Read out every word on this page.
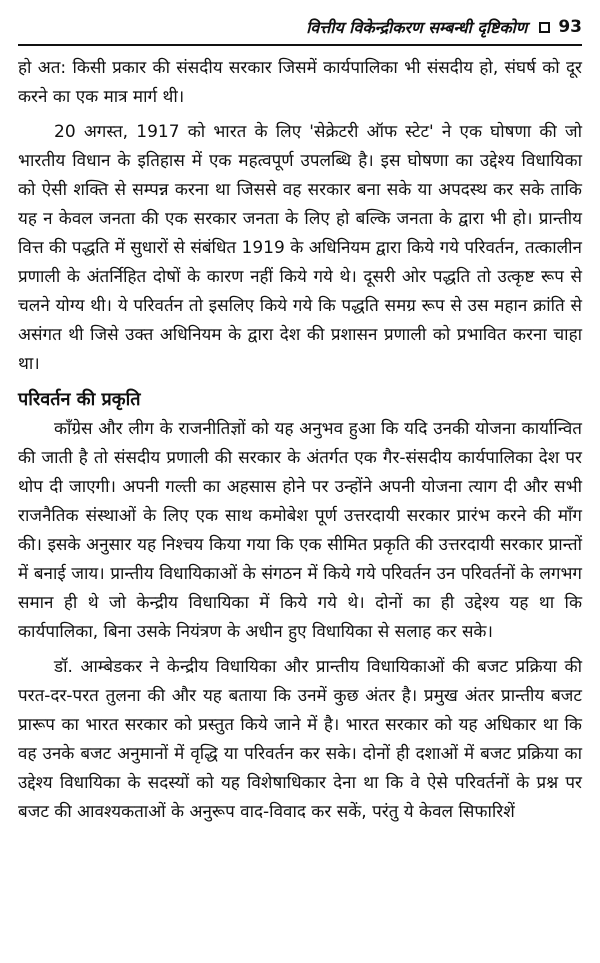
वित्तीय विकेन्द्रीकरण सम्बन्धी दृष्टिकोण 93

हो अत: किसी प्रकार की संसदीय सरकार जिसमें कार्यपालिका भी संसदीय हो, संघर्ष को दूर करने का एक मात्र मार्ग थी।

20 अगस्त, 1917 को भारत के लिए 'सेक्रेटरी ऑफ स्टेट' ने एक घोषणा की जो भारतीय विधान के इतिहास में एक महत्वपूर्ण उपलब्धि है। इस घोषणा का उद्देश्य विधायिका को ऐसी शक्ति से सम्पन्न करना था जिससे वह सरकार बना सके या अपदस्थ कर सके ताकि यह न केवल जनता की एक सरकार जनता के लिए हो बल्कि जनता के द्वारा भी हो। प्रान्तीय वित्त की पद्धति में सुधारों से संबंधित 1919 के अधिनियम द्वारा किये गये परिवर्तन, तत्कालीन प्रणाली के अंतर्निहित दोषों के कारण नहीं किये गये थे। दूसरी ओर पद्धति तो उत्कृष्ट रूप से चलने योग्य थी। ये परिवर्तन तो इसलिए किये गये कि पद्धति समग्र रूप से उस महान क्रांति से असंगत थी जिसे उक्त अधिनियम के द्वारा देश की प्रशासन प्रणाली को प्रभावित करना चाहा था।

परिवर्तन की प्रकृति

कॉंग्रेस और लीग के राजनीतिज्ञों को यह अनुभव हुआ कि यदि उनकी योजना कार्यान्वित की जाती है तो संसदीय प्रणाली की सरकार के अंतर्गत एक गैर-संसदीय कार्यपालिका देश पर थोप दी जाएगी। अपनी गल्ती का अहसास होने पर उन्होंने अपनी योजना त्याग दी और सभी राजनैतिक संस्थाओं के लिए एक साथ कमोबेश पूर्ण उत्तरदायी सरकार प्रारंभ करने की माँग की। इसके अनुसार यह निश्चय किया गया कि एक सीमित प्रकृति की उत्तरदायी सरकार प्रान्तों में बनाई जाय। प्रान्तीय विधायिकाओं के संगठन में किये गये परिवर्तन उन परिवर्तनों के लगभग समान ही थे जो केन्द्रीय विधायिका में किये गये थे। दोनों का ही उद्देश्य यह था कि कार्यपालिका, बिना उसके नियंत्रण के अधीन हुए विधायिका से सलाह कर सके।

डॉ. आम्बेडकर ने केन्द्रीय विधायिका और प्रान्तीय विधायिकाओं की बजट प्रक्रिया की परत-दर-परत तुलना की और यह बताया कि उनमें कुछ अंतर है। प्रमुख अंतर प्रान्तीय बजट प्रारूप का भारत सरकार को प्रस्तुत किये जाने में है। भारत सरकार को यह अधिकार था कि वह उनके बजट अनुमानों में वृद्धि या परिवर्तन कर सके। दोनों ही दशाओं में बजट प्रक्रिया का उद्देश्य विधायिका के सदस्यों को यह विशेषाधिकार देना था कि वे ऐसे परिवर्तनों के प्रश्न पर बजट की आवश्यकताओं के अनुरूप वाद-विवाद कर सकें, परंतु ये केवल सिफारिशें
